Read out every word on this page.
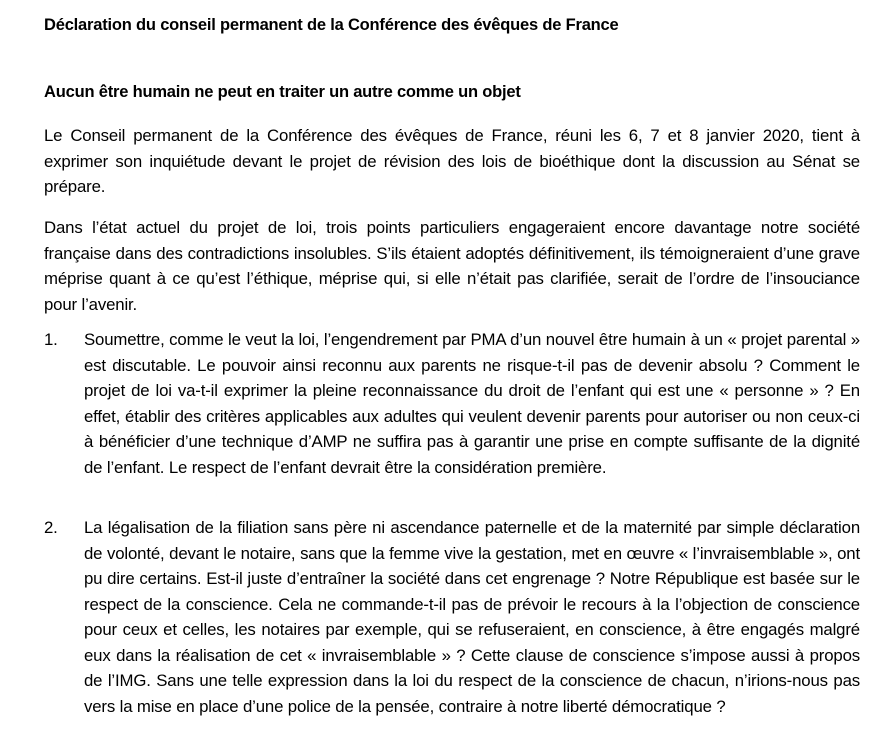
Déclaration du conseil permanent de la Conférence des évêques de France
Aucun être humain ne peut en traiter un autre comme un objet
Le Conseil permanent de la Conférence des évêques de France, réuni les 6, 7 et 8 janvier 2020, tient à exprimer son inquiétude devant le projet de révision des lois de bioéthique dont la discussion au Sénat se prépare.
Dans l’état actuel du projet de loi, trois points particuliers engageraient encore davantage notre société française dans des contradictions insolubles. S’ils étaient adoptés définitivement, ils témoigneraient d’une grave méprise quant à ce qu’est l’éthique, méprise qui, si elle n’était pas clarifiée, serait de l’ordre de l’insouciance pour l’avenir.
1.	Soumettre, comme le veut la loi, l’engendrement par PMA d’un nouvel être humain à un « projet parental » est discutable. Le pouvoir ainsi reconnu aux parents ne risque-t-il pas de devenir absolu ? Comment le projet de loi va-t-il exprimer la pleine reconnaissance du droit de l’enfant qui est une « personne » ? En effet, établir des critères applicables aux adultes qui veulent devenir parents pour autoriser ou non ceux-ci à bénéficier d’une technique d’AMP ne suffira pas à garantir une prise en compte suffisante de la dignité de l’enfant. Le respect de l’enfant devrait être la considération première.
2.	La légalisation de la filiation sans père ni ascendance paternelle et de la maternité par simple déclaration de volonté, devant le notaire, sans que la femme vive la gestation, met en œuvre « l’invraisemblable », ont pu dire certains. Est-il juste d’entraîner la société dans cet engrenage ? Notre République est basée sur le respect de la conscience. Cela ne commande-t-il pas de prévoir le recours à la l’objection de conscience pour ceux et celles, les notaires par exemple, qui se refuseraient, en conscience, à être engagés malgré eux dans la réalisation de cet « invraisemblable » ? Cette clause de conscience s’impose aussi à propos de l’IMG. Sans une telle expression dans la loi du respect de la conscience de chacun, n’irions-nous pas vers la mise en place d’une police de la pensée, contraire à notre liberté démocratique ?
